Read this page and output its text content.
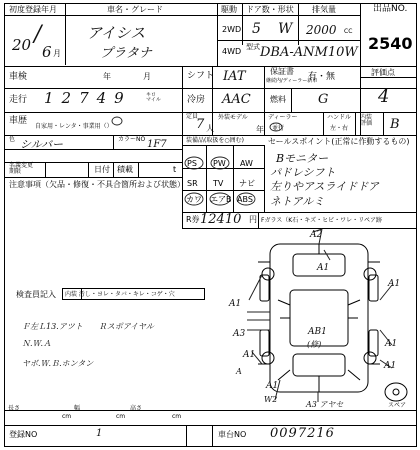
初度登録年月	車名・グレード	駆動 ドア数・形状 排気量	出品NO.
2540
20 /
6 月
アイシス
プラタナ
2WD
4WD
5 W 2000 CC
型式 DBA-ANM10W
車検	年	月	シフト IAT	保証書
継続内/ディーラー新車
有・無	評価点
4
走行 12749	キロ
マイル	冷房 AAC 燃料 G
車歴
自家用・レンタ・事業用（）
定員
7 人
外装モデル
年
ディーラー
並行
ハンドル
左・右
内装
評価 B
色 シルバー	カラーNO 1F7
名義変更
期限	日付 積載	t
注意事項（欠品・修復・不具合箇所および状態）
装備品(取扱を○囲む)
PS PW AW
SR TV ナビ
カワ エアB ABS
セールスポイント(正常に作動するもの)
Bモニター
パドレシフト
左りやアスライドドア
ネトアルミ
R券 12410 円 Fガラス（K石・キズ・ヒビ・ワレ・リペア跡
検査員記入 内装 汚し・ヨレ・タバ・キレ・コゲ・穴
Ｆ左Ｌ13.アツト　　Ｒスポアイヤル
Ｎ.Ｗ.Ａ
ヤボ.Ｗ.Ｂ.ホンタン
A2
A1
A1
A3
A1
A1
A1
A1
AB1
(修)
A1
W2
A3 アヤセ
A
スペア
長さ
cm
幅
cm
高さ
cm
登録NO	1	車台NO 0097216
